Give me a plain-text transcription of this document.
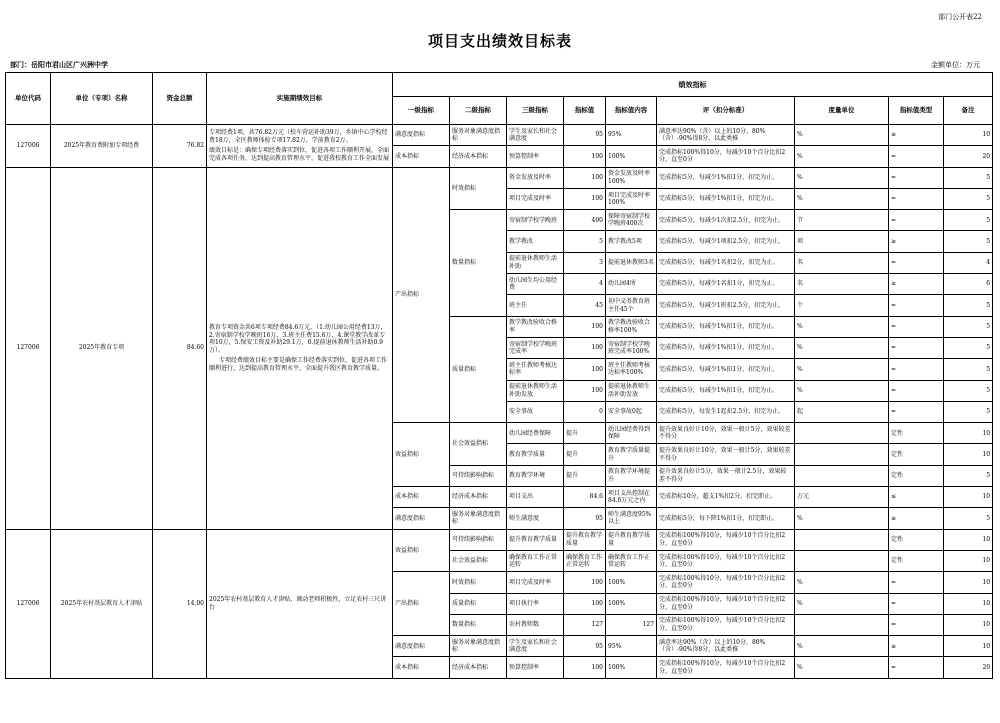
部门公开表22
项目支出绩效目标表
部门：岳阳市君山区广兴洲中学	金额单位：万元
单位代码	单位（专项）名称	资金总额	实施期绩效目标	绩效指标								
				一级指标	二级指标	三级指标	指标值	指标值内容	评（扣分标准）	度量单位	指标值类型	备注
127006	2025年教育费附加专项经费	76.82	专项经费1项，共76.82万元（校车营运补助39万，乡镇中心学校经费18万，全区教师体检专项17.82万，学前教育2万。
绩效目标是：确保专项经费落实到位，促进各项工作顺利开展，全面完成各项任务，达到提高教育管理水平，促进我校教育工作全面发展	满意度指标	服务对象满意度指标	学生及家长和社会满意度	95	95%	满意率达90%（含）以上的10分，80%（含）-90%得8分，以此类推	%	≥	10
				成本指标	经济成本指标	预算控制率	100	100%	完成指标100%得10分，每减少10个百分比扣2分，直至0分	%	=	20
127006	2025年教育专项	84.60	教育专项资金共6项专项经费84.6万元，（1.幼儿园公用经费13万，2.寄宿制学校学晚班16万，3.班主任费15.6万，4.课堂教学改革专项10万，5.保安工资及补助29.1万，6.提前退休教师生活补助0.9万）。
专项经费绩效目标主要是确保工作经费落实到位，促进各项工作顺利进行，达到提高教育管理水平，全面提升我区教育教学质量。	产出指标	时效指标	资金发放及时率	100	资金发放及时率100%	完成指标5分，每减少1%扣1分，扣完为止。	%	=	5
						项目完成及时率	100	项目完成及时率100%	完成指标5分，每减少1%扣1分，扣完为止。	%	=	5
					数量指标	寄宿制学校学晚班	400	保障寄宿制学校学晚班400次	完成指标5分，每减少1次扣2.5分，扣完为止。	节	=	5
						教学教改	5	教学教改5项	完成指标5分，每减少1项扣2.5分，扣完为止。	项	≥	5
						提前退休教师生活补助	3	提前退休教师3名	完成指标5分，每减少1名扣2分，扣完为止。	名	=	4
						幼儿园生均公用经费	4	幼儿园4所	完成指标5分，每减少1名扣1分，扣完为止。	名	≥	6
						班主任	45	初中义务教育班主任45个	完成指标5分，每减少1班扣2.5分，扣完为止。	个	=	5
					质量指标	教学教改验收合格率	100	教学教改验收合格率100%	完成指标5分，每减少1%扣1分，扣完为止。	%	=	5
						寄宿制学校学晚班完成率	100	寄宿制学校学晚班完成率100%	完成指标5分，每减少1%扣1分，扣完为止。	%	=	5
						班主任教师考核达标率	100	班主任教师考核达标率100%	完成指标5分，每减少1%扣1分，扣完为止。	%	=	5
						提前退休教师生活补助发放	100	提前退休教师生活补助发放	完成指标5分，每减少1%扣1分，扣完为止。	%	=	5
						安全事故	0	安全事故0起	完成指标5分，每发生1起扣2.5分，扣完为止。	起	=	5
				效益指标	社会效益指标	幼儿园经费保障	提升	幼儿园经费得到保障	提升效果良好计10分，效果一般计5分，效果较差不得分		定性	10
						教育教学质量	提升	教育教学质量提升	提升效果良好计10分，效果一般计5分，效果较差不得分		定性	10
					可持续影响指标	教育教学环境	提升	教育教学环境提升	提升效果良好计5分，效果一般计2.5分，效果较差不得分		定性	5
				成本指标	经济成本指标	项目支出	84.6	项目支出控制在84.6万元之内	完成指标10分，超支1%扣2分，扣完即止。	万元	≤	10
				满意度指标	服务对象满意度指标	师生满意度	95	师生满意度95%以上	完成指标5分，每下降1%扣1分，扣完即止。	%	≥	5
127006	2025年农村基层教育人才津贴	14.00	2025年农村基层教育人才津贴，调动老师积极性，立足农村三尺讲台	效益指标	可持续影响指标	提升教育教学质量	提升教育教学质量	提升教育教学质量	完成指标100%得10分，每减少10个百分比扣2分，直至0分		定性	10
					社会效益指标	确保教育工作正常运转	确保教育工作正常运转	确保教育工作正常运转	完成指标100%得10分，每减少10个百分比扣2分，直至0分		定性	10
				产出指标	时效指标	项目完成及时率	100	100%	完成指标100%得10分，每减少10个百分比扣2分，直至0分	%	=	10
					质量指标	项目执行率	100	100%	完成指标100%得10分，每减少10个百分比扣2分，直至0分	%	=	10
					数量指标	农村教师数	127	127	完成指标100%得10分，每减少10个百分比扣2分，直至0分		=	10
				满意度指标	服务对象满意度指标	学生及家长和社会满意度	95	95%	满意率达90%（含）以上的10分，80%（含）-90%得8分，以此类推	%	≥	10
				成本指标	经济成本指标	预算控制率	100	100%	完成指标100%得10分，每减少10个百分比扣2分，直至0分	%	=	20
